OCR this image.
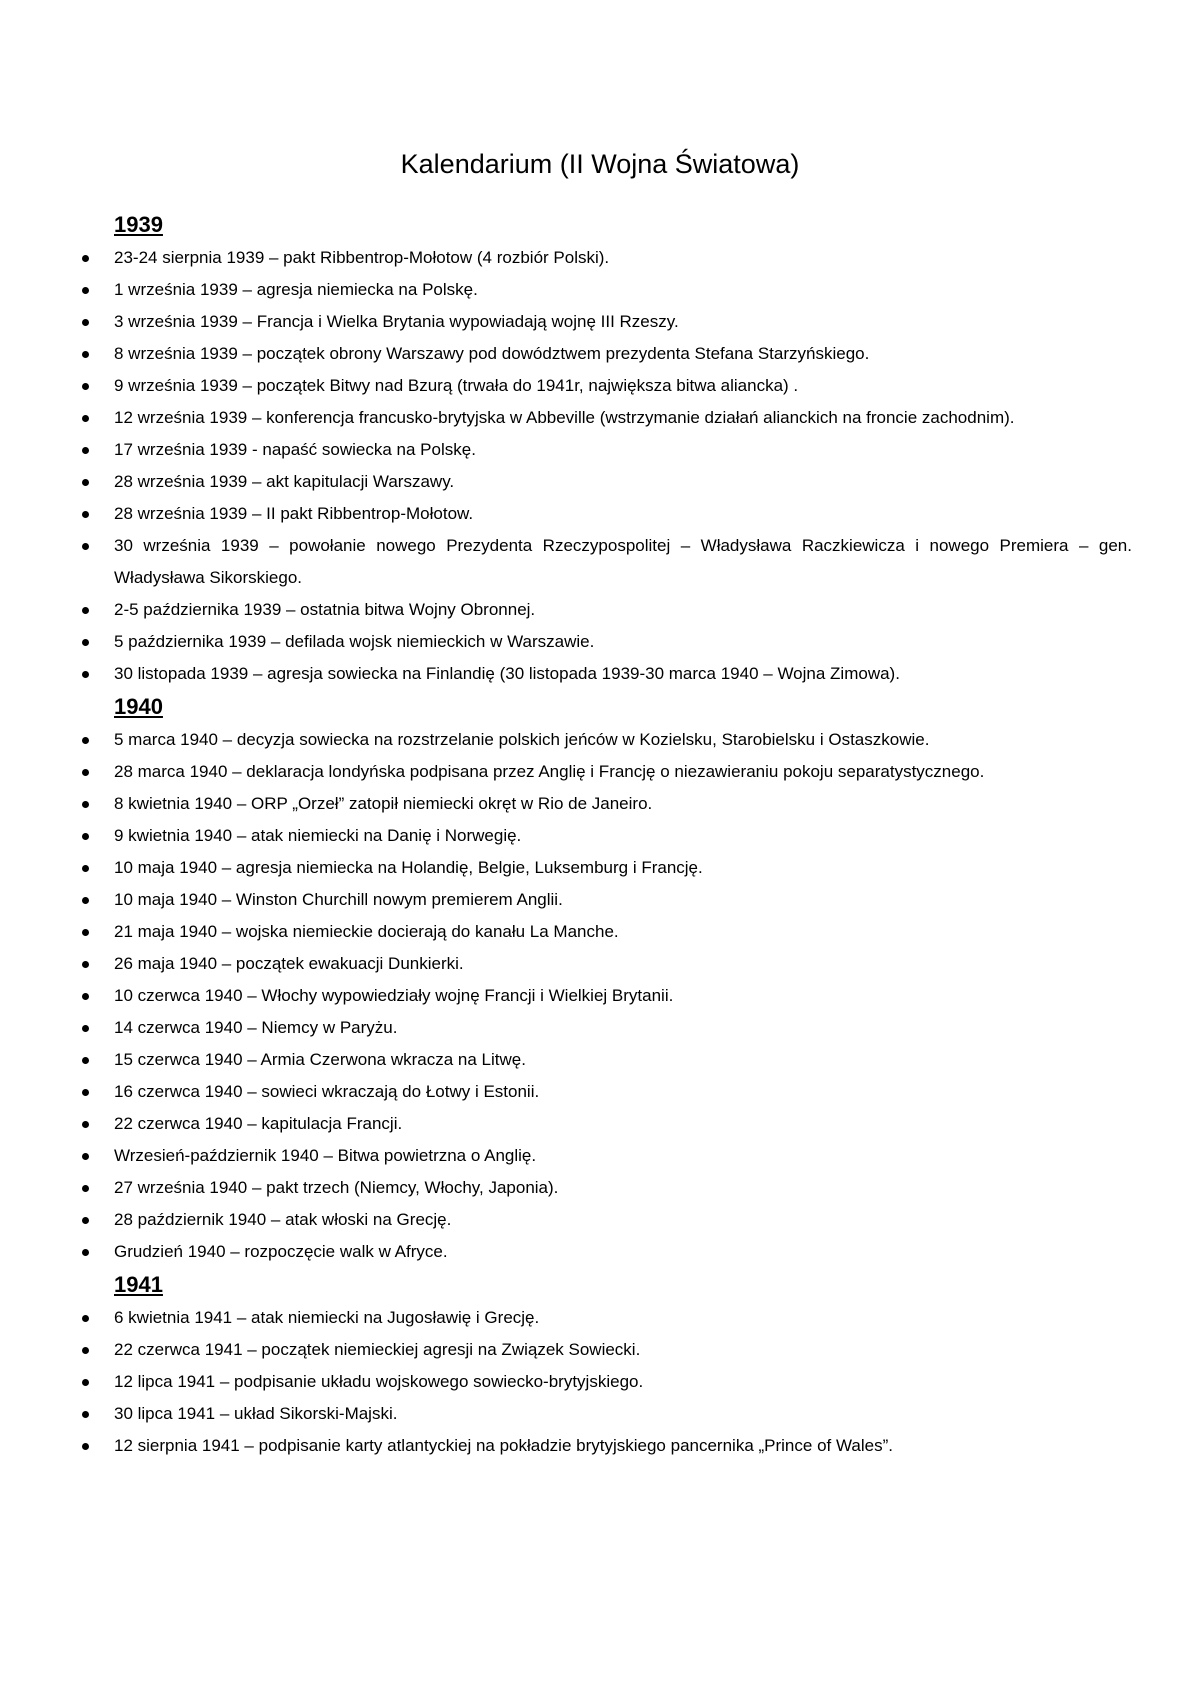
Kalendarium (II Wojna Światowa)
1939
23-24 sierpnia 1939 – pakt Ribbentrop-Mołotow (4 rozbiór Polski).
1 września 1939 – agresja niemiecka na Polskę.
3 września 1939 – Francja i Wielka Brytania wypowiadają wojnę III Rzeszy.
8 września 1939 – początek obrony Warszawy pod dowództwem prezydenta Stefana Starzyńskiego.
9 września 1939 – początek Bitwy nad Bzurą (trwała do 1941r, największa bitwa aliancka) .
12 września 1939 – konferencja francusko-brytyjska w Abbeville (wstrzymanie działań alianckich na froncie zachodnim).
17 września 1939 - napaść sowiecka na Polskę.
28 września 1939 – akt kapitulacji Warszawy.
28 września 1939 – II pakt Ribbentrop-Mołotow.
30 września 1939 – powołanie nowego Prezydenta Rzeczypospolitej – Władysława Raczkiewicza i nowego Premiera – gen. Władysława Sikorskiego.
2-5 października 1939 – ostatnia bitwa Wojny Obronnej.
5 października 1939 – defilada wojsk niemieckich w Warszawie.
30 listopada 1939 – agresja sowiecka na Finlandię (30 listopada 1939-30 marca 1940 – Wojna Zimowa).
1940
5 marca 1940 – decyzja sowiecka na rozstrzelanie polskich jeńców w Kozielsku, Starobielsku i Ostaszkowie.
28 marca 1940 – deklaracja londyńska podpisana przez Anglię i Francję o niezawieraniu pokoju separatystycznego.
8 kwietnia 1940 – ORP „Orzeł” zatopił niemiecki okręt w Rio de Janeiro.
9 kwietnia 1940 – atak niemiecki na Danię i Norwegię.
10 maja 1940 – agresja niemiecka na Holandię, Belgie, Luksemburg i Francję.
10 maja 1940 – Winston Churchill nowym premierem Anglii.
21 maja 1940 – wojska niemieckie docierają do kanału La Manche.
26 maja 1940 – początek ewakuacji Dunkierki.
10 czerwca 1940 – Włochy wypowiedziały wojnę Francji i Wielkiej Brytanii.
14 czerwca 1940 – Niemcy w Paryżu.
15 czerwca 1940 – Armia Czerwona wkracza na Litwę.
16 czerwca 1940 – sowieci wkraczają do Łotwy i Estonii.
22 czerwca 1940 – kapitulacja Francji.
Wrzesień-październik 1940 – Bitwa powietrzna o Anglię.
27 września 1940 – pakt trzech (Niemcy, Włochy, Japonia).
28 październik 1940 – atak włoski na Grecję.
Grudzień 1940 – rozpoczęcie walk w Afryce.
1941
6 kwietnia 1941 – atak niemiecki na Jugosławię i Grecję.
22 czerwca 1941 – początek niemieckiej agresji na Związek Sowiecki.
12 lipca 1941 – podpisanie układu wojskowego sowiecko-brytyjskiego.
30 lipca 1941 – układ Sikorski-Majski.
12 sierpnia 1941 – podpisanie karty atlantyckiej na pokładzie brytyjskiego pancernika „Prince of Wales”.
